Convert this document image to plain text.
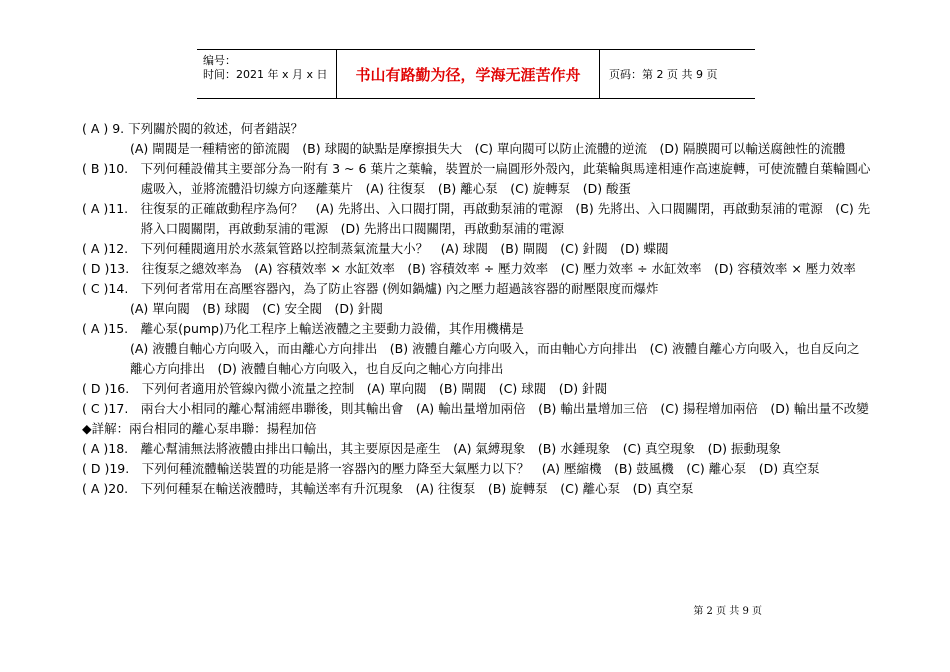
编号：
时间：2021 年 x 月 x 日	书山有路勤为径，学海无涯苦作舟	页码：第 2 页 共 9 页
( A ) 9. 下列關於閥的敘述，何者錯誤？
(A) 閘閥是一種精密的節流閥　(B) 球閥的缺點是摩擦損失大　(C) 單向閥可以防止流體的逆流　(D) 隔膜閥可以輸送腐蝕性的流體
( B )10.　 下列何種設備其主要部分為一附有 3 ~ 6 葉片之葉輪，裝置於一扁圓形外殼內，此葉輪與馬達相連作高速旋轉，可使流體自葉輪圓心處吸入，並將流體沿切線方向逐離葉片　(A) 往復泵　(B) 離心泵　(C) 旋轉泵　(D) 酸蛋
( A )11.　 往復泵的正確啟動程序為何？　(A) 先將出、入口閥打開，再啟動泵浦的電源　(B) 先將出、入口閥關閉，再啟動泵浦的電源　(C) 先將入口閥關閉，再啟動泵浦的電源　(D) 先將出口閥關閉，再啟動泵浦的電源
( A )12.　 下列何種閥適用於水蒸氣管路以控制蒸氣流量大小？　(A) 球閥　(B) 閘閥　(C) 針閥　(D) 蝶閥
( D )13.　 往復泵之總效率為　(A) 容積效率 × 水缸效率　(B) 容積效率 ÷ 壓力效率　(C) 壓力效率 ÷ 水缸效率　(D) 容積效率 × 壓力效率
( C )14.　 下列何者常用在高壓容器內，為了防止容器 (例如鍋爐) 內之壓力超過該容器的耐壓限度而爆炸
(A) 單向閥　(B) 球閥　(C) 安全閥　(D) 針閥
( A )15.　 離心泵(pump)乃化工程序上輸送液體之主要動力設備，其作用機構是
(A) 液體自軸心方向吸入，而由離心方向排出　(B) 液體自離心方向吸入，而由軸心方向排出　(C) 液體自離心方向吸入，也自反向之離心方向排出　(D) 液體自軸心方向吸入，也自反向之軸心方向排出
( D )16.　 下列何者適用於管線內微小流量之控制　(A) 單向閥　(B) 閘閥　(C) 球閥　(D) 針閥
( C )17.　 兩台大小相同的離心幫浦經串聯後，則其輸出會　(A) 輸出量增加兩倍　(B) 輸出量增加三倍　(C) 揚程增加兩倍　(D) 輸出量不改變
◆詳解： 兩台相同的離心泵串聯：揚程加倍
( A )18.　 離心幫浦無法將液體由排出口輸出，其主要原因是產生　(A) 氣縛現象　(B) 水錘現象　(C) 真空現象　(D) 振動現象
( D )19.　 下列何種流體輸送裝置的功能是將一容器內的壓力降至大氣壓力以下？　(A) 壓縮機　(B) 鼓風機　(C) 離心泵　(D) 真空泵
( A )20.　 下列何種泵在輸送液體時，其輸送率有升沉現象　(A) 往復泵　(B) 旋轉泵　(C) 離心泵　(D) 真空泵
第 2 页 共 9 页
